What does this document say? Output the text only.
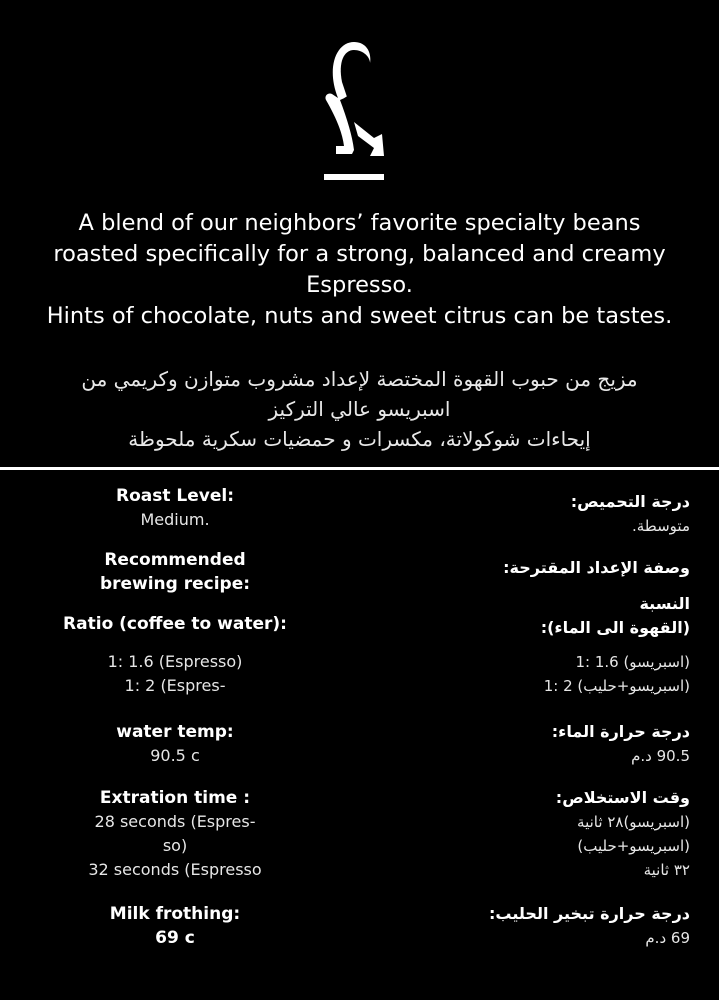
A blend of our neighbors’ favorite specialty beans
roasted specifically for a strong, balanced and creamy
Espresso.
Hints of chocolate, nuts and sweet citrus can be tastes.
مزيج من حبوب القهوة المختصة لإعداد مشروب متوازن وكريمي من
اسبريسو عالي التركيز
إيحاءات شوكولاتة، مكسرات و حمضيات سكرية ملحوظة
Roast Level:
Medium.
Recommended
brewing recipe:
Ratio (coffee to water):
1: 1.6 (Espresso)
1: 2 (Espres-
water temp:
90.5 c
Extration time :
28 seconds (Espres-
so)
32 seconds (Espresso
Milk frothing:
69 c
درجة التحميص:
متوسطة.
وصفة الإعداد المقترحة:
النسبة
(القهوة الى الماء):
(اسبريسو) 1.6 :1
(اسبريسو+حليب) 2 :1
درجة حرارة الماء:
90.5 د.م
وقت الاستخلاص:
(اسبريسو)٢٨ ثانية
(اسبريسو+حليب)
٣٢ ثانية
درجة حرارة تبخير الحليب:
69 د.م
